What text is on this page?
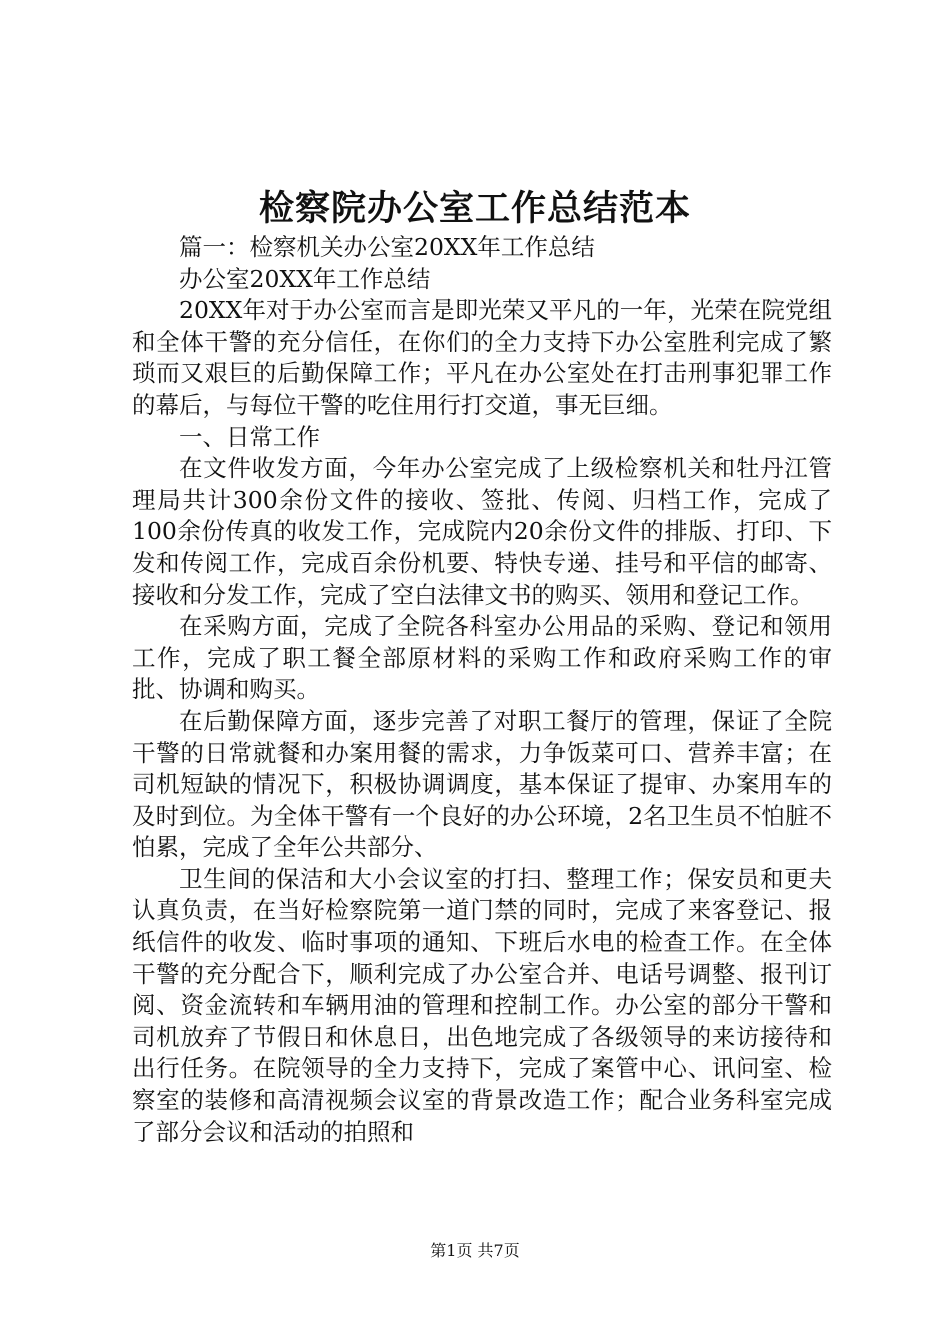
检察院办公室工作总结范本

篇一：检察机关办公室20XX年工作总结

办公室20XX年工作总结

20XX年对于办公室而言是即光荣又平凡的一年，光荣在院党组和全体干警的充分信任，在你们的全力支持下办公室胜利完成了繁琐而又艰巨的后勤保障工作；平凡在办公室处在打击刑事犯罪工作的幕后，与每位干警的吃住用行打交道，事无巨细。

一、日常工作

在文件收发方面，今年办公室完成了上级检察机关和牡丹江管理局共计300余份文件的接收、签批、传阅、归档工作，完成了100余份传真的收发工作，完成院内20余份文件的排版、打印、下发和传阅工作，完成百余份机要、特快专递、挂号和平信的邮寄、接收和分发工作，完成了空白法律文书的购买、领用和登记工作。

在采购方面，完成了全院各科室办公用品的采购、登记和领用工作，完成了职工餐全部原材料的采购工作和政府采购工作的审批、协调和购买。

在后勤保障方面，逐步完善了对职工餐厅的管理，保证了全院干警的日常就餐和办案用餐的需求，力争饭菜可口、营养丰富；在司机短缺的情况下，积极协调调度，基本保证了提审、办案用车的及时到位。为全体干警有一个良好的办公环境，2名卫生员不怕脏不怕累，完成了全年公共部分、

卫生间的保洁和大小会议室的打扫、整理工作；保安员和更夫认真负责，在当好检察院第一道门禁的同时，完成了来客登记、报纸信件的收发、临时事项的通知、下班后水电的检查工作。在全体干警的充分配合下，顺利完成了办公室合并、电话号调整、报刊订阅、资金流转和车辆用油的管理和控制工作。办公室的部分干警和司机放弃了节假日和休息日，出色地完成了各级领导的来访接待和出行任务。在院领导的全力支持下，完成了案管中心、讯问室、检察室的装修和高清视频会议室的背景改造工作；配合业务科室完成了部分会议和活动的拍照和

第1页 共7页
